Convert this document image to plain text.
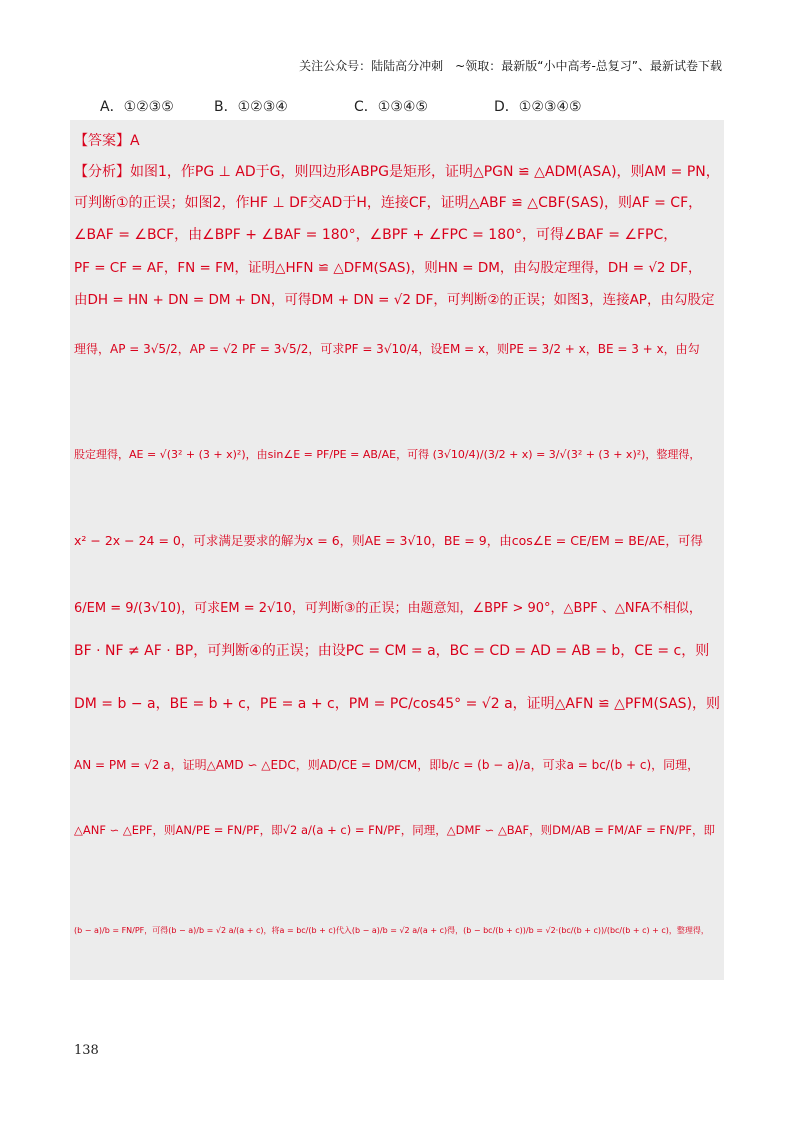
关注公众号：陆陆高分冲刺　~领取：最新版“小中高考-总复习”、最新试卷下载
A．①②③⑤	B．①②③④	C．①③④⑤	D．①②③④⑤
【答案】A
【分析】如图1，作PG ⊥ AD于G，则四边形ABPG是矩形，证明△PGN ≌ △ADM(ASA)，则AM = PN，
可判断①的正误；如图2，作HF ⊥ DF交AD于H，连接CF，证明△ABF ≌ △CBF(SAS)，则AF = CF，
∠BAF = ∠BCF，由∠BPF + ∠BAF = 180°，∠BPF + ∠FPC = 180°，可得∠BAF = ∠FPC，
PF = CF = AF，FN = FM，证明△HFN ≌ △DFM(SAS)，则HN = DM，由勾股定理得，DH = √2 DF，
由DH = HN + DN = DM + DN，可得DM + DN = √2 DF，可判断②的正误；如图3，连接AP，由勾股定
理得，AP = 3√5/2，AP = √2 PF = 3√5/2，可求PF = 3√10/4，设EM = x，则PE = 3/2 + x，BE = 3 + x，由勾
股定理得，AE = √(3² + (3 + x)²)，由sin∠E = PF/PE = AB/AE，可得 (3√10/4)/(3/2 + x) = 3/√(3² + (3 + x)²)，整理得，
x² − 2x − 24 = 0，可求满足要求的解为x = 6，则AE = 3√10，BE = 9，由cos∠E = CE/EM = BE/AE，可得
6/EM = 9/(3√10)，可求EM = 2√10，可判断③的正误；由题意知，∠BPF > 90°，△BPF 、△NFA不相似，
BF · NF ≠ AF · BP，可判断④的正误；由设PC = CM = a，BC = CD = AD = AB = b，CE = c，则
DM = b − a，BE = b + c，PE = a + c，PM = PC/cos45° = √2 a，证明△AFN ≌ △PFM(SAS)，则
AN = PM = √2 a，证明△AMD ∽ △EDC，则AD/CE = DM/CM，即b/c = (b − a)/a，可求a = bc/(b + c)，同理，
△ANF ∽ △EPF，则AN/PE = FN/PF，即√2 a/(a + c) = FN/PF，同理，△DMF ∽ △BAF，则DM/AB = FM/AF = FN/PF，即
(b − a)/b = FN/PF，可得(b − a)/b = √2 a/(a + c)，将a = bc/(b + c)代入(b − a)/b = √2 a/(a + c)得，(b − bc/(b + c))/b = √2·(bc/(b + c))/(bc/(b + c) + c)，整理得，
138
